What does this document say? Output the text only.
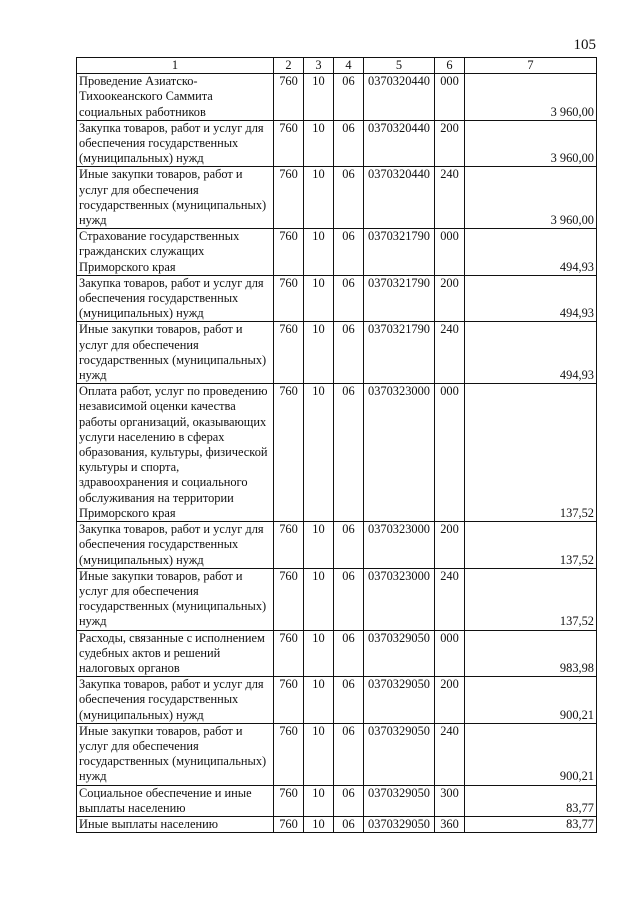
105
1	2	3	4	5	6	7
Проведение Азиатско-Тихоокеанского Саммита социальных работников	760	10	06	0370320440	000	3 960,00
Закупка товаров, работ и услуг для обеспечения государственных (муниципальных) нужд	760	10	06	0370320440	200	3 960,00
Иные закупки товаров, работ и услуг для обеспечения государственных (муниципальных) нужд	760	10	06	0370320440	240	3 960,00
Страхование государственных гражданских служащих Приморского края	760	10	06	0370321790	000	494,93
Закупка товаров, работ и услуг для обеспечения государственных (муниципальных) нужд	760	10	06	0370321790	200	494,93
Иные закупки товаров, работ и услуг для обеспечения государственных (муниципальных) нужд	760	10	06	0370321790	240	494,93
Оплата работ, услуг по проведению независимой оценки качества работы организаций, оказывающих услуги населению в сферах образования, культуры, физической культуры и спорта, здравоохранения и социального обслуживания на территории Приморского края	760	10	06	0370323000	000	137,52
Закупка товаров, работ и услуг для обеспечения государственных (муниципальных) нужд	760	10	06	0370323000	200	137,52
Иные закупки товаров, работ и услуг для обеспечения государственных (муниципальных) нужд	760	10	06	0370323000	240	137,52
Расходы, связанные с исполнением судебных актов и решений налоговых органов	760	10	06	0370329050	000	983,98
Закупка товаров, работ и услуг для обеспечения государственных (муниципальных) нужд	760	10	06	0370329050	200	900,21
Иные закупки товаров, работ и услуг для обеспечения государственных (муниципальных) нужд	760	10	06	0370329050	240	900,21
Социальное обеспечение и иные выплаты населению	760	10	06	0370329050	300	83,77
Иные выплаты населению	760	10	06	0370329050	360	83,77
